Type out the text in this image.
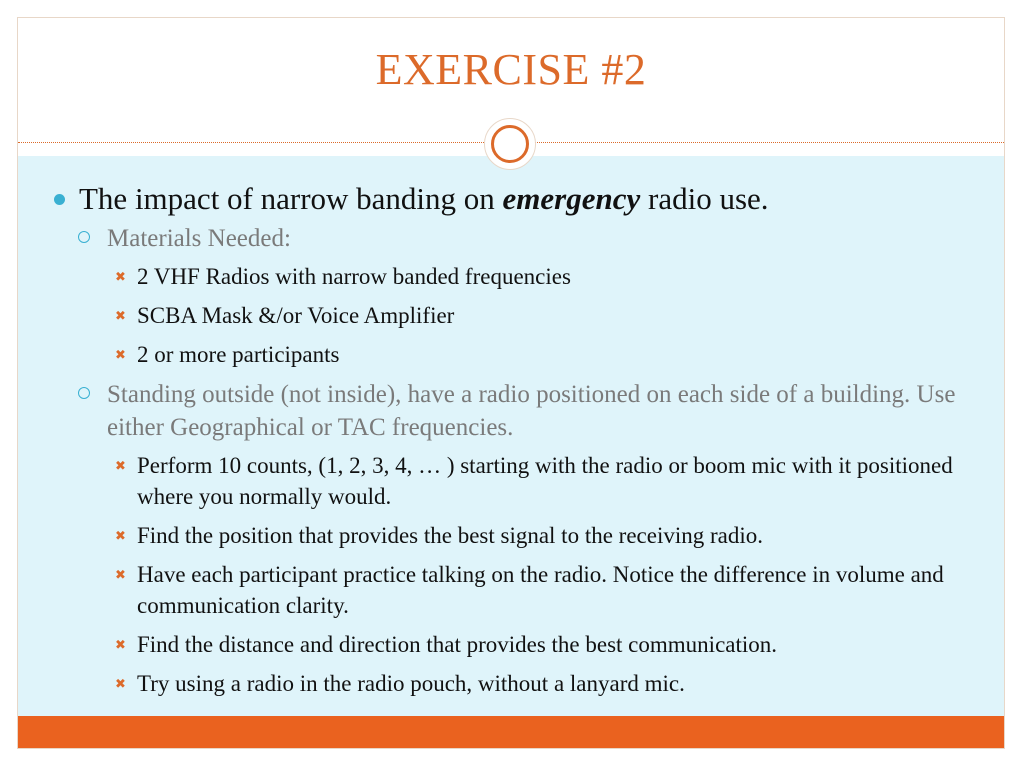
EXERCISE #2
The impact of narrow banding on emergency radio use.
Materials Needed:
✖ 2 VHF Radios with narrow banded frequencies
✖ SCBA Mask &/or Voice Amplifier
✖ 2 or more participants
Standing outside (not inside), have a radio positioned on each side of a building. Use either Geographical or TAC frequencies.
✖ Perform 10 counts, (1, 2, 3, 4, … ) starting with the radio or boom mic with it positioned where you normally would.
✖ Find the position that provides the best signal to the receiving radio.
✖ Have each participant practice talking on the radio. Notice the difference in volume and communication clarity.
✖ Find the distance and direction that provides the best communication.
✖ Try using a radio in the radio pouch, without a lanyard mic.
